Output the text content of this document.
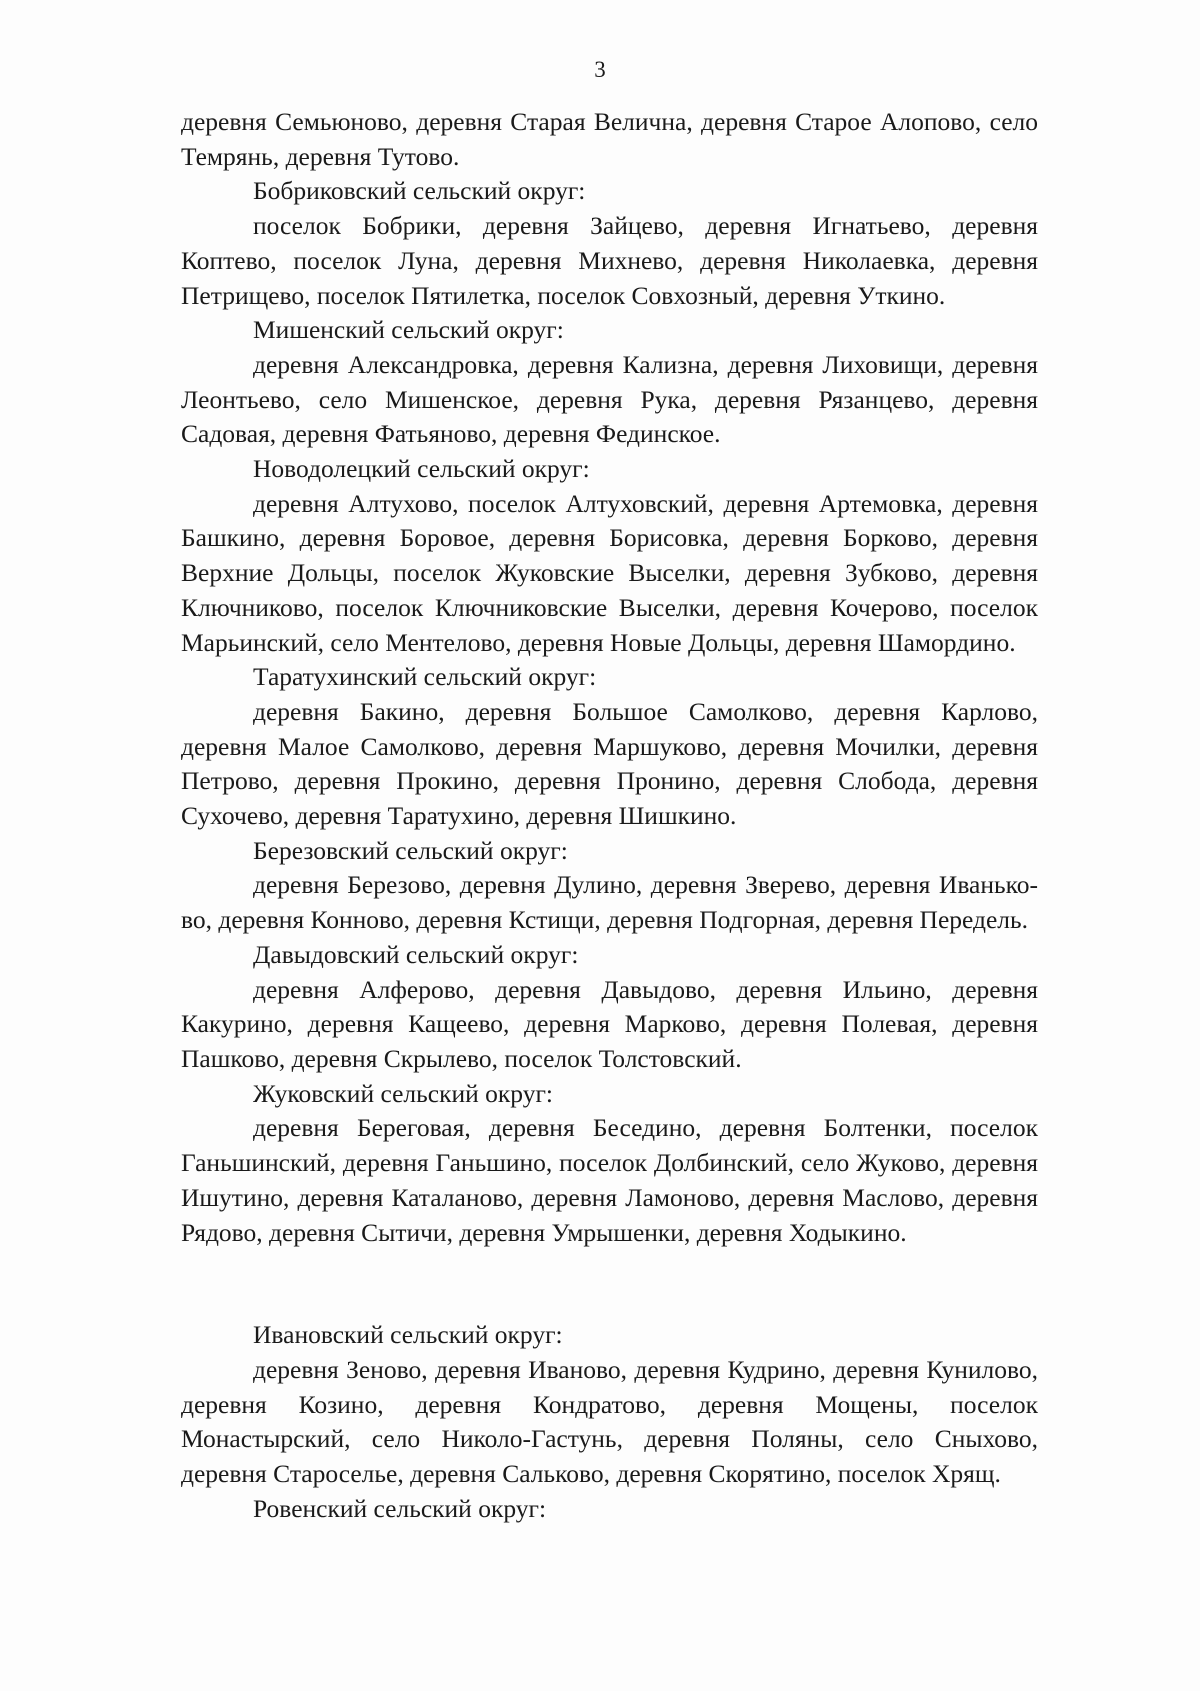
3

деревня Семьюново, деревня Старая Велична, деревня Старое Алопово, село Темрянь, деревня Тутово.

Бобриковский сельский округ:

поселок Бобрики, деревня Зайцево, деревня Игнатьево, деревня Коптево, поселок Луна, деревня Михнево, деревня Николаевка, деревня Петрищево, поселок Пятилетка, поселок Совхозный, деревня Уткино.

Мишенский сельский округ:

деревня Александровка, деревня Кализна, деревня Лиховищи, деревня Леонтьево, село Мишенское, деревня Рука, деревня Рязанцево, деревня Садовая, деревня Фатьяново, деревня Фединское.

Новодолецкий сельский округ:

деревня Алтухово, поселок Алтуховский, деревня Артемовка, деревня Башкино, деревня Боровое, деревня Борисовка, деревня Борково, деревня Верхние Дольцы, поселок Жуковские Выселки, деревня Зубково, деревня Ключниково, поселок Ключниковские Выселки, деревня Кочерово, поселок Марьинский, село Ментелово, деревня Новые Дольцы, деревня Шамордино.

Таратухинский сельский округ:

деревня Бакино, деревня Большое Самолково, деревня Карлово, деревня Малое Самолково, деревня Маршуково, деревня Мочилки, деревня Петрово, деревня Прокино, деревня Пронино, деревня Слобода, деревня Сухочево, деревня Таратухино, деревня Шишкино.

Березовский сельский округ:

деревня Березово, деревня Дулино, деревня Зверево, деревня Иваньково, деревня Конново, деревня Кстищи, деревня Подгорная, деревня Передель.

Давыдовский сельский округ:

деревня Алферово, деревня Давыдово, деревня Ильино, деревня Какурино, деревня Кащеево, деревня Марково, деревня Полевая, деревня Пашково, деревня Скрылево, поселок Толстовский.

Жуковский сельский округ:

деревня Береговая, деревня Беседино, деревня Болтенки, поселок Ганьшинский, деревня Ганьшино, поселок Долбинский, село Жуково, деревня Ишутино, деревня Каталаново, деревня Ламоново, деревня Маслово, деревня Рядово, деревня Сытичи, деревня Умрышенки, деревня Ходыкино.

Ивановский сельский округ:

деревня Зеново, деревня Иваново, деревня Кудрино, деревня Кунилово, деревня Козино, деревня Кондратово, деревня Мощены, поселок Монастырский, село Николо-Гастунь, деревня Поляны, село Сныхово, деревня Староселье, деревня Сальково, деревня Скорятино, поселок Хрящ.

Ровенский сельский округ:
